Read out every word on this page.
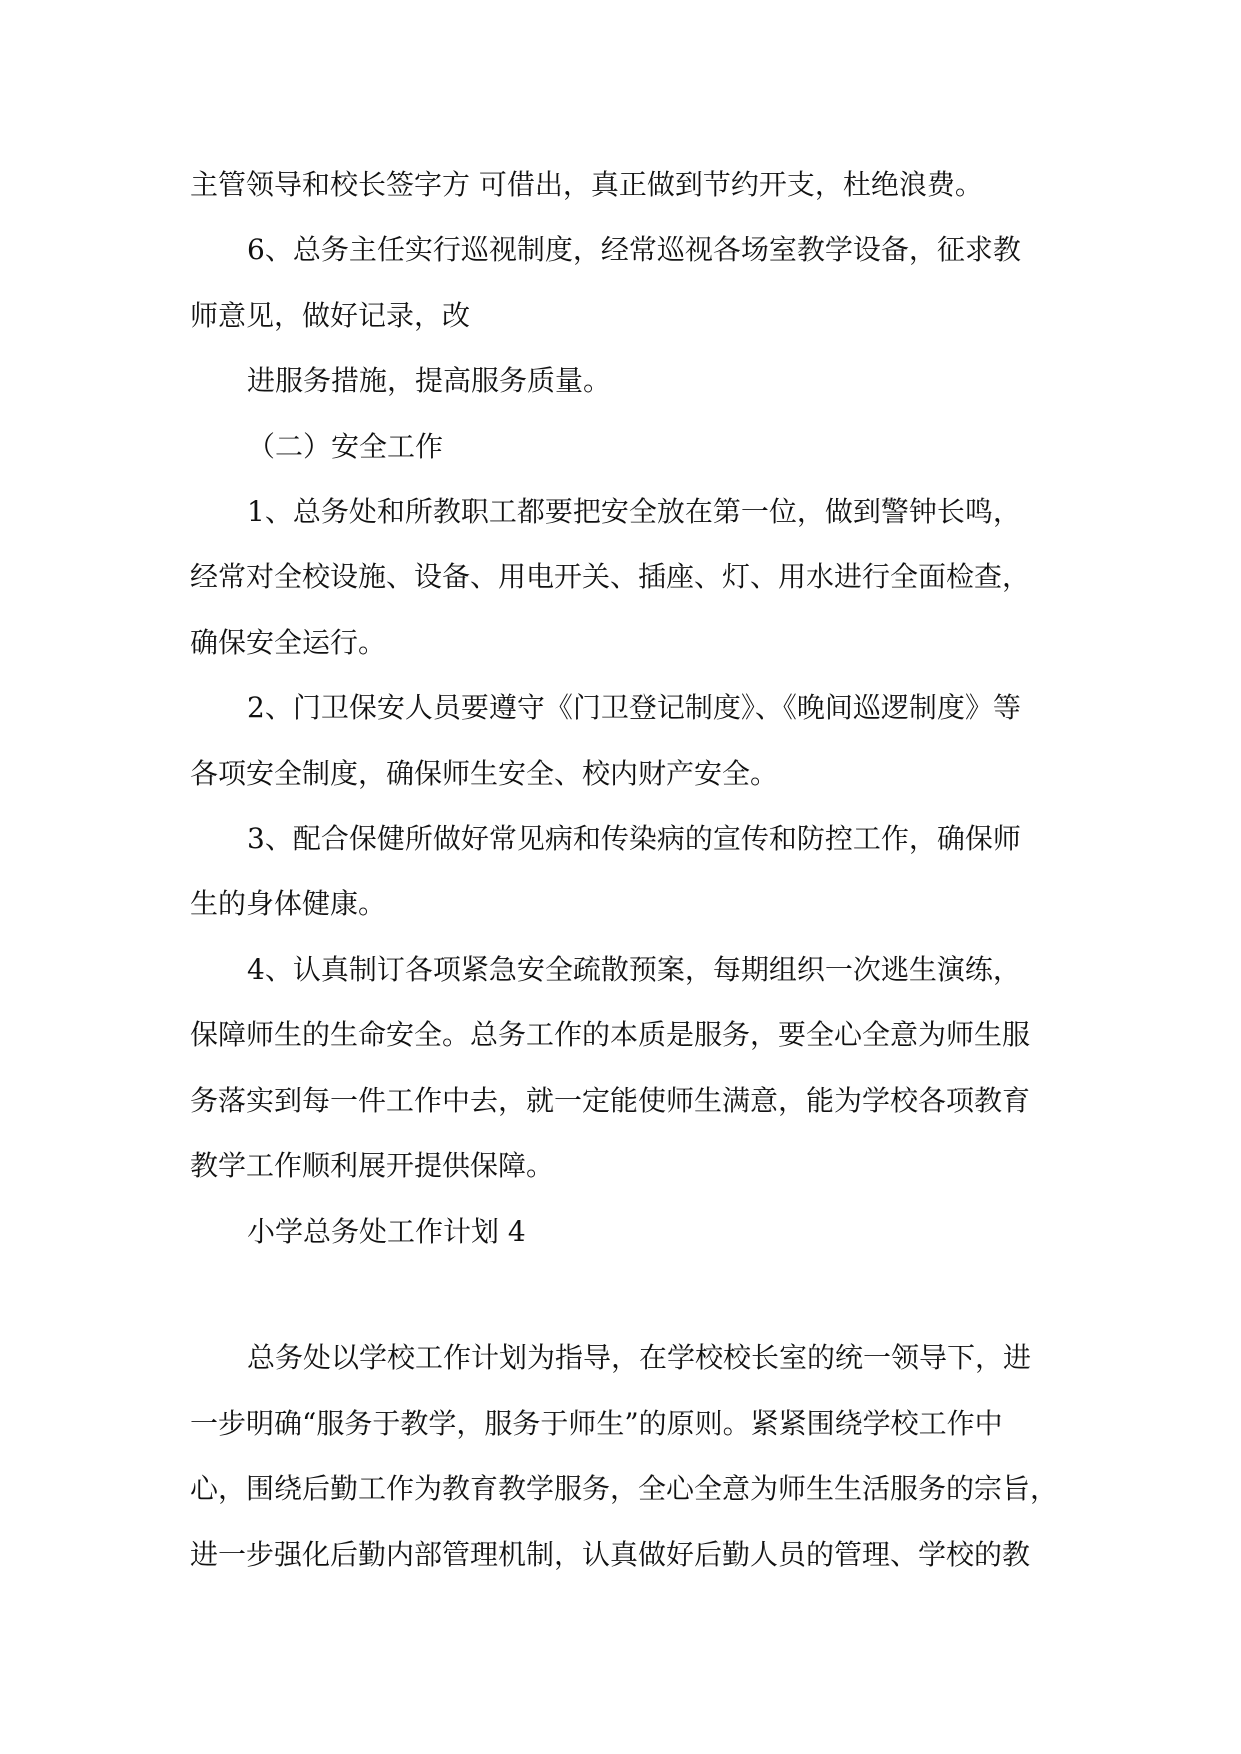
主管领导和校长签字方 可借出，真正做到节约开支，杜绝浪费。
6、总务主任实行巡视制度，经常巡视各场室教学设备，征求教
师意见，做好记录，改
进服务措施，提高服务质量。
（二）安全工作
1、总务处和所教职工都要把安全放在第一位，做到警钟长鸣，
经常对全校设施、设备、用电开关、插座、灯、用水进行全面检查，
确保安全运行。
2、门卫保安人员要遵守《门卫登记制度》、《晚间巡逻制度》等
各项安全制度，确保师生安全、校内财产安全。
3、配合保健所做好常见病和传染病的宣传和防控工作，确保师
生的身体健康。
4、认真制订各项紧急安全疏散预案，每期组织一次逃生演练，
保障师生的生命安全。总务工作的本质是服务，要全心全意为师生服
务落实到每一件工作中去，就一定能使师生满意，能为学校各项教育
教学工作顺利展开提供保障。
小学总务处工作计划 4
总务处以学校工作计划为指导，在学校校长室的统一领导下，进
一步明确“服务于教学，服务于师生”的原则。紧紧围绕学校工作中
心，围绕后勤工作为教育教学服务，全心全意为师生生活服务的宗旨，
进一步强化后勤内部管理机制，认真做好后勤人员的管理、学校的教
